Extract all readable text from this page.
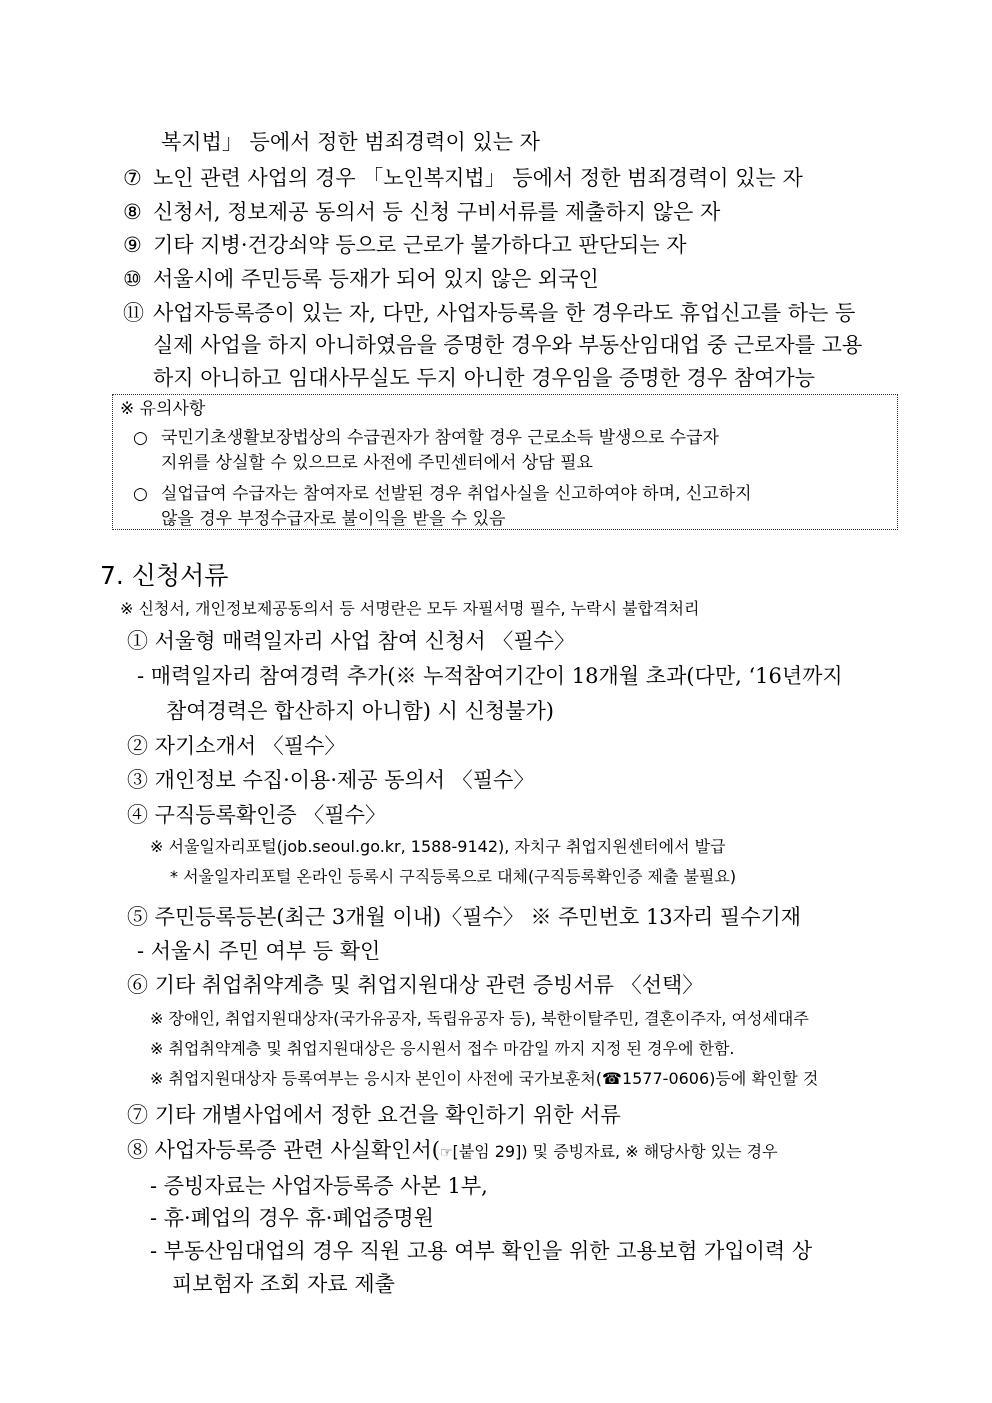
복지법」 등에서 정한 범죄경력이 있는 자
⑦ 노인 관련 사업의 경우 「노인복지법」 등에서 정한 범죄경력이 있는 자
⑧ 신청서, 정보제공 동의서 등 신청 구비서류를 제출하지 않은 자
⑨ 기타 지병·건강쇠약 등으로 근로가 불가하다고 판단되는 자
⑩ 서울시에 주민등록 등재가 되어 있지 않은 외국인
⑪ 사업자등록증이 있는 자, 다만, 사업자등록을 한 경우라도 휴업신고를 하는 등
실제 사업을 하지 아니하였음을 증명한 경우와 부동산임대업 중 근로자를 고용
하지 아니하고 임대사무실도 두지 아니한 경우임을 증명한 경우 참여가능
※ 유의사항
○ 국민기초생활보장법상의 수급권자가 참여할 경우 근로소득 발생으로 수급자
지위를 상실할 수 있으므로 사전에 주민센터에서 상담 필요
○ 실업급여 수급자는 참여자로 선발된 경우 취업사실을 신고하여야 하며, 신고하지
않을 경우 부정수급자로 불이익을 받을 수 있음
7. 신청서류
※ 신청서, 개인정보제공동의서 등 서명란은 모두 자필서명 필수, 누락시 불합격처리
① 서울형 매력일자리 사업 참여 신청서 〈필수〉
- 매력일자리 참여경력 추가(※ 누적참여기간이 18개월 초과(다만, ‘16년까지
참여경력은 합산하지 아니함) 시 신청불가)
② 자기소개서 〈필수〉
③ 개인정보 수집·이용·제공 동의서 〈필수〉
④ 구직등록확인증 〈필수〉
※ 서울일자리포털(job.seoul.go.kr, 1588-9142), 자치구 취업지원센터에서 발급
* 서울일자리포털 온라인 등록시 구직등록으로 대체(구직등록확인증 제출 불필요)
⑤ 주민등록등본(최근 3개월 이내)〈필수〉 ※ 주민번호 13자리 필수기재
- 서울시 주민 여부 등 확인
⑥ 기타 취업취약계층 및 취업지원대상 관련 증빙서류 〈선택〉
※ 장애인, 취업지원대상자(국가유공자, 독립유공자 등), 북한이탈주민, 결혼이주자, 여성세대주
※ 취업취약계층 및 취업지원대상은 응시원서 접수 마감일 까지 지정 된 경우에 한함.
※ 취업지원대상자 등록여부는 응시자 본인이 사전에 국가보훈처(☎1577-0606)등에 확인할 것
⑦ 기타 개별사업에서 정한 요건을 확인하기 위한 서류
⑧ 사업자등록증 관련 사실확인서(☞[붙임 29]) 및 증빙자료, ※ 해당사항 있는 경우
- 증빙자료는 사업자등록증 사본 1부,
- 휴·폐업의 경우 휴·폐업증명원
- 부동산임대업의 경우 직원 고용 여부 확인을 위한 고용보험 가입이력 상
피보험자 조회 자료 제출
